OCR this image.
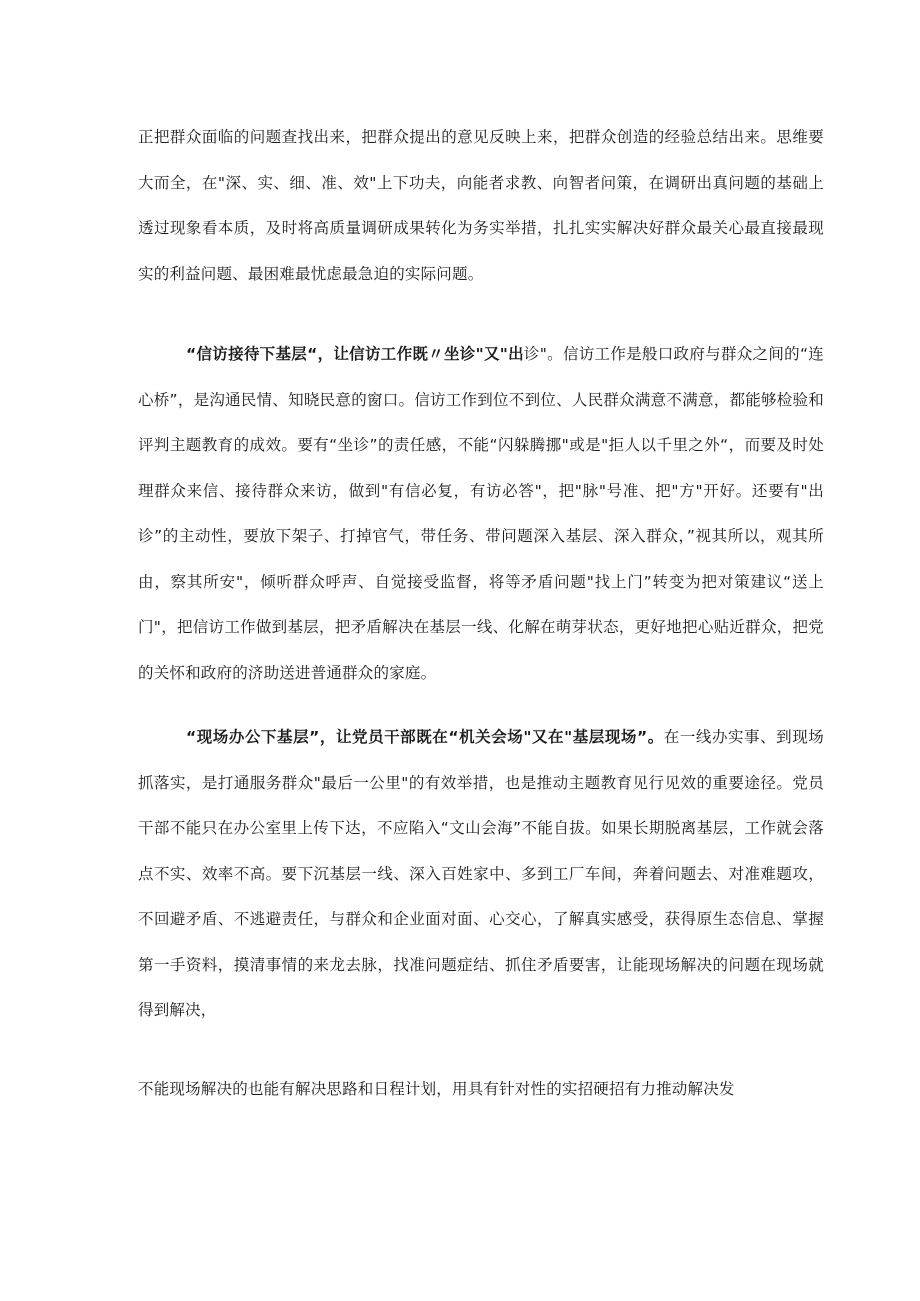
正把群众面临的问题查找出来，把群众提出的意见反映上来，把群众创造的经验总结出来。思维要大而全，在"深、实、细、准、效"上下功夫，向能者求教、向智者问策，在调研出真问题的基础上透过现象看本质，及时将高质量调研成果转化为务实举措，扎扎实实解决好群众最关心最直接最现实的利益问题、最困难最忧虑最急迫的实际问题。

“信访接待下基层“，让信访工作既〃坐诊"又"出诊"。信访工作是般口政府与群众之间的“连心桥”，是沟通民情、知晓民意的窗口。信访工作到位不到位、人民群众满意不满意，都能够检验和评判主题教育的成效。要有“坐诊”的责任感，不能“闪躲腾挪"或是"拒人以千里之外“，而要及时处理群众来信、接待群众来访，做到"有信必复，有访必答"，把"脉"号准、把"方"开好。还要有"出诊”的主动性，要放下架子、打掉官气，带任务、带问题深入基层、深入群众，”视其所以，观其所由，察其所安"，倾听群众呼声、自觉接受监督，将等矛盾问题"找上门”转变为把对策建议“送上门"，把信访工作做到基层，把矛盾解决在基层一线、化解在萌芽状态，更好地把心贴近群众，把党的关怀和政府的济助送进普通群众的家庭。

“现场办公下基层”，让党员干部既在“机关会场"又在"基层现场”。在一线办实事、到现场抓落实，是打通服务群众"最后一公里"的有效举措，也是推动主题教育见行见效的重要途径。党员干部不能只在办公室里上传下达，不应陷入“文山会海”不能自拔。如果长期脱离基层，工作就会落点不实、效率不高。要下沉基层一线、深入百姓家中、多到工厂车间，奔着问题去、对准难题攻，不回避矛盾、不逃避责任，与群众和企业面对面、心交心，了解真实感受，获得原生态信息、掌握第一手资料，摸清事情的来龙去脉，找准问题症结、抓住矛盾要害，让能现场解决的问题在现场就得到解决，

不能现场解决的也能有解决思路和日程计划，用具有针对性的实招硬招有力推动解决发
